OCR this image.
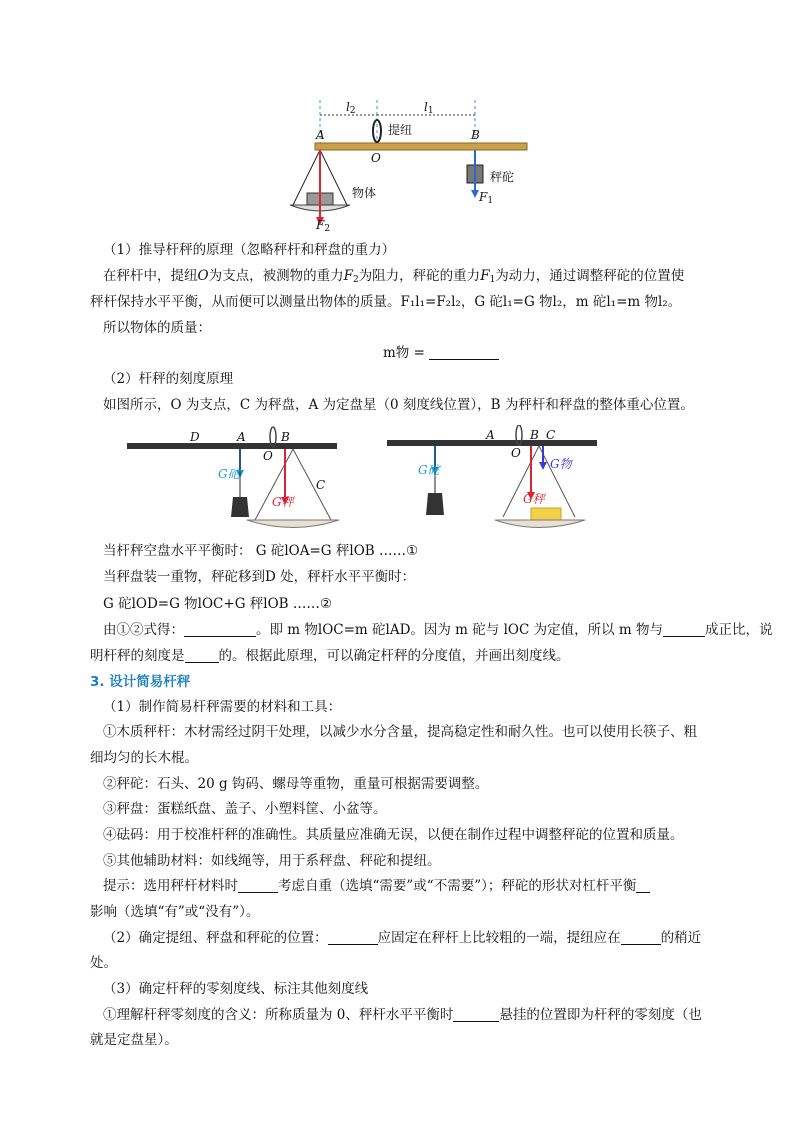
$l_2$	$l_1$
A	提纽	B
O
秤砣
物体	$F_1$
$F_2$
（1）推导杆秤的原理（忽略秤杆和秤盘的重力）
在秤杆中，提纽O为支点，被测物的重力$F_2$为阻力，秤砣的重力$F_1$为动力，通过调整秤砣的位置使
秤杆保持水平平衡，从而便可以测量出物体的质量。F₁l₁=F₂l₂，G 砣l₁=G 物l₂，m 砣l₁=m 物l₂。
所以物体的质量：
m物 =
（2）杆秤的刻度原理
如图所示，O 为支点，C 为秤盘，A 为定盘星（0 刻度线位置），B 为秤杆和秤盘的整体重心位置。
D	A	B
O
G砣
C
G秤
A	B C
O
G砣	G物
G秤
当杆秤空盘水平平衡时： G 砣lOA=G 秤lOB ……①
当秤盘装一重物，秤砣移到D 处，秤杆水平平衡时：
G 砣lOD=G 物lOC+G 秤lOB ……②
由①②式得：	。即 m 物lOC=m 砣lAD。因为 m 砣与 lOC 为定值，所以 m 物与	成正比，说
明杆秤的刻度是	的。根据此原理，可以确定杆秤的分度值，并画出刻度线。
3. 设计简易杆秤
（1）制作简易杆秤需要的材料和工具：
①木质秤杆：木材需经过阴干处理，以减少水分含量，提高稳定性和耐久性。也可以使用长筷子、粗
细均匀的长木棍。
②秤砣：石头、20 g 钩码、螺母等重物，重量可根据需要调整。
③秤盘：蛋糕纸盘、盖子、小塑料筐、小盆等。
④砝码：用于校准杆秤的准确性。其质量应准确无误，以便在制作过程中调整秤砣的位置和质量。
⑤其他辅助材料：如线绳等，用于系秤盘、秤砣和提纽。
提示：选用秤杆材料时	考虑自重（选填“需要”或“不需要”）；秤砣的形状对杠杆平衡
影响（选填“有”或“没有”）。
（2）确定提纽、秤盘和秤砣的位置：	应固定在秤杆上比较粗的一端，提纽应在	的稍近
处。
（3）确定杆秤的零刻度线、标注其他刻度线
①理解杆秤零刻度的含义：所称质量为 0、秤杆水平平衡时	悬挂的位置即为杆秤的零刻度（也
就是定盘星）。
